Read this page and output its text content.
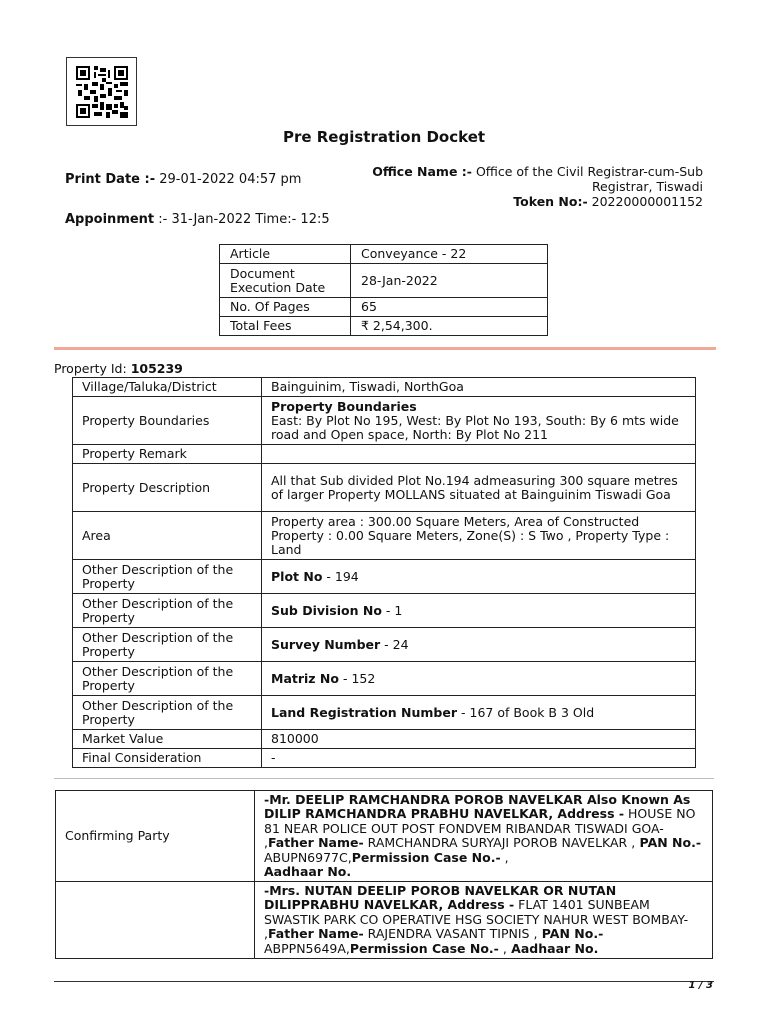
Pre Registration Docket
Print Date :- 29-01-2022 04:57 pm
Office Name :- Office of the Civil Registrar-cum-Sub
Registrar, Tiswadi
Token No:- 20220000001152
Appoinment :- 31-Jan-2022 Time:- 12:5
Article	Conveyance - 22
Document Execution Date	28-Jan-2022
No. Of Pages	65
Total Fees	₹ 2,54,300.
Property Id: 105239
Village/Taluka/District	Bainguinim, Tiswadi, NorthGoa
Property Boundaries	Property Boundaries
East: By Plot No 195, West: By Plot No 193, South: By 6 mts wide road and Open space, North: By Plot No 211
Property Remark	
Property Description	All that Sub divided Plot No.194 admeasuring 300 square metres of larger Property MOLLANS situated at Bainguinim Tiswadi Goa
Area	Property area : 300.00 Square Meters, Area of Constructed Property : 0.00 Square Meters, Zone(S) : S Two , Property Type : Land
Other Description of the Property	Plot No - 194
Other Description of the Property	Sub Division No - 1
Other Description of the Property	Survey Number - 24
Other Description of the Property	Matriz No - 152
Other Description of the Property	Land Registration Number - 167 of Book B 3 Old
Market Value	810000
Final Consideration	-
Confirming Party	-Mr. DEELIP RAMCHANDRA POROB NAVELKAR Also Known As DILIP RAMCHANDRA PRABHU NAVELKAR, Address - HOUSE NO 81 NEAR POLICE OUT POST FONDVEM RIBANDAR TISWADI GOA- ,Father Name- RAMCHANDRA SURYAJI POROB NAVELKAR , PAN No.- ABUPN6977C,Permission Case No.- ,
Aadhaar No.
	-Mrs. NUTAN DEELIP POROB NAVELKAR OR NUTAN DILIPPRABHU NAVELKAR, Address - FLAT 1401 SUNBEAM SWASTIK PARK CO OPERATIVE HSG SOCIETY NAHUR WEST BOMBAY- ,Father Name- RAJENDRA VASANT TIPNIS , PAN No.- ABPPN5649A,Permission Case No.- , Aadhaar No.
1 / 3
